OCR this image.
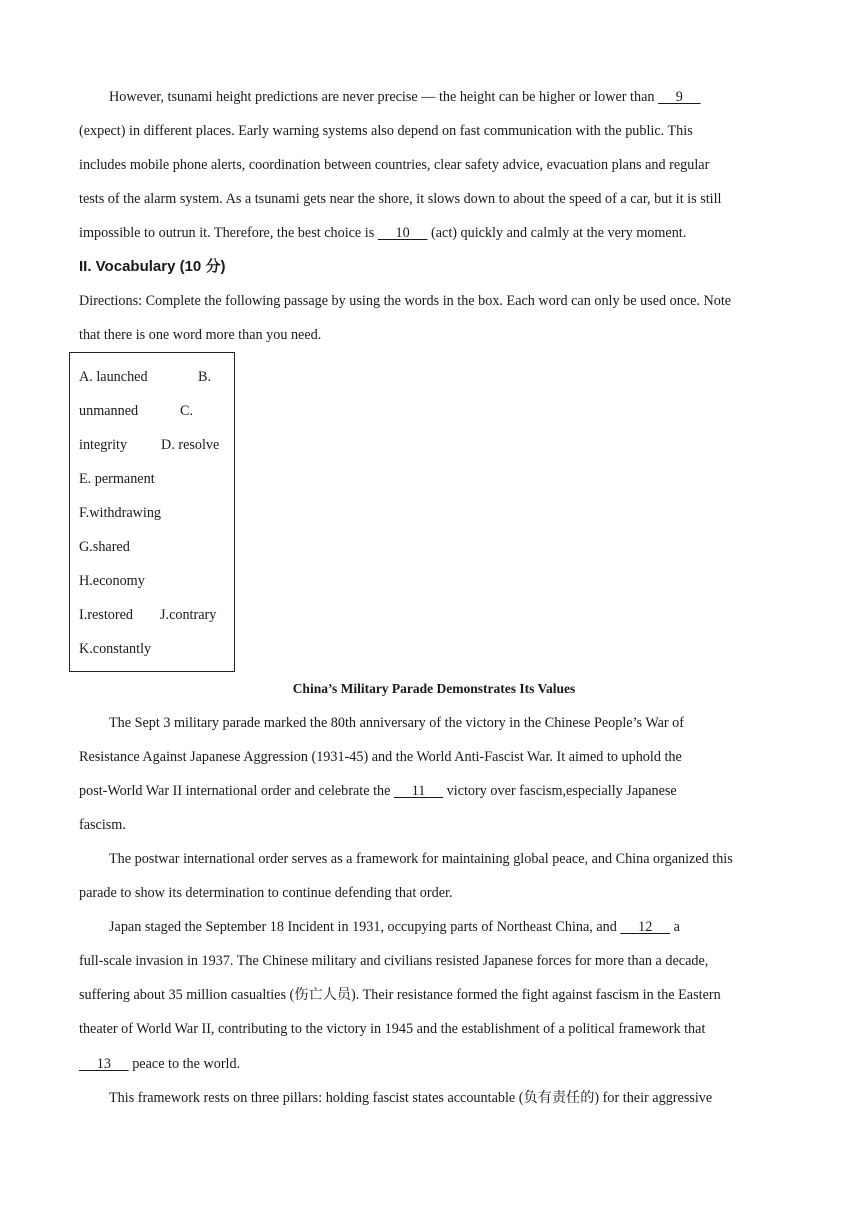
However, tsunami height predictions are never precise — the height can be higher or lower than      9
(expect) in different places. Early warning systems also depend on fast communication with the public. This
includes mobile phone alerts, coordination between countries, clear safety advice, evacuation plans and regular
tests of the alarm system. As a tsunami gets near the shore, it slows down to about the speed of a car, but it is still
impossible to outrun it. Therefore, the best choice is      10      (act) quickly and calmly at the very moment.
II. Vocabulary (10 分)
Directions: Complete the following passage by using the words in the box. Each word can only be used once. Note
that there is one word more than you need.
A. launched	B.
unmanned	C.
integrity D. resolve
E. permanent
F.withdrawing
G.shared
H.economy
I.restored J.contrary
K.constantly
China’s Military Parade Demonstrates Its Values
The Sept 3 military parade marked the 80th anniversary of the victory in the Chinese People’s War of
Resistance Against Japanese Aggression (1931-45) and the World Anti-Fascist War. It aimed to uphold the
post-World War II international order and celebrate the      11      victory over fascism,especially Japanese
fascism.
The postwar international order serves as a framework for maintaining global peace, and China organized this
parade to show its determination to continue defending that order.
Japan staged the September 18 Incident in 1931, occupying parts of Northeast China, and      12      a
full-scale invasion in 1937. The Chinese military and civilians resisted Japanese forces for more than a decade,
suffering about 35 million casualties (伤亡人员). Their resistance formed the fight against fascism in the Eastern
theater of World War II, contributing to the victory in 1945 and the establishment of a political framework that
13      peace to the world.
This framework rests on three pillars: holding fascist states accountable (负有责任的) for their aggressive
